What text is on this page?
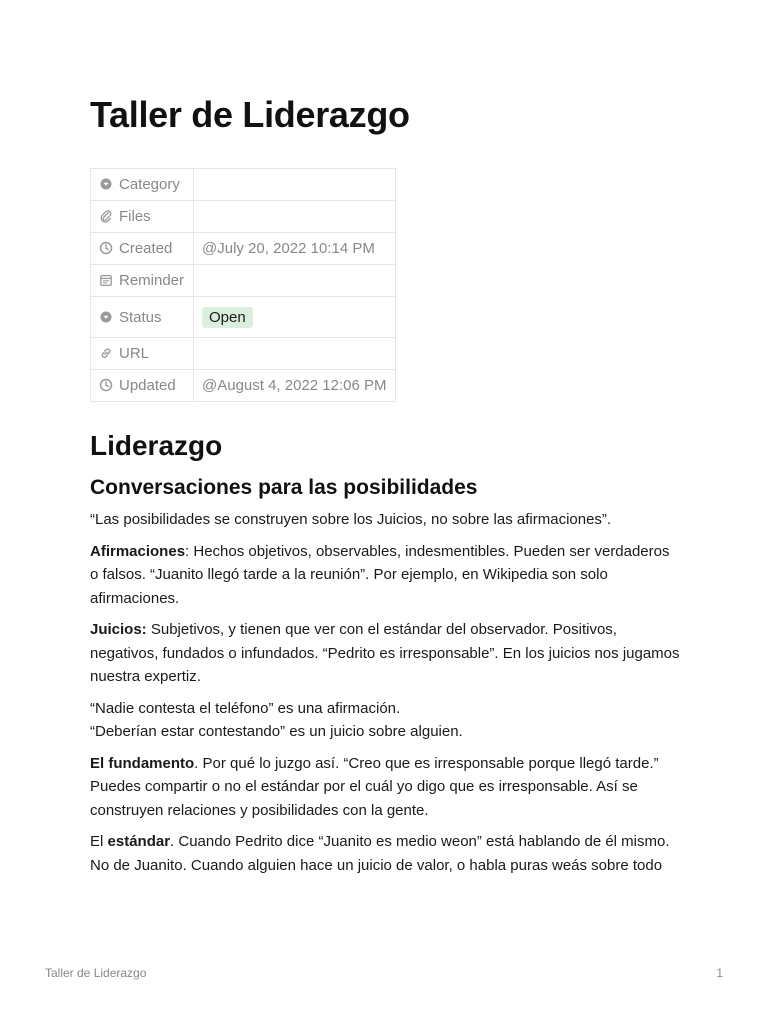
Taller de Liderazgo
Category	

Files	

Created	@July 20, 2022 10:14 PM

Reminder	

Status	Open

URL	

Updated	@August 4, 2022 12:06 PM
Liderazgo
Conversaciones para las posibilidades

“Las posibilidades se construyen sobre los Juicios, no sobre las afirmaciones”.

Afirmaciones: Hechos objetivos, observables, indesmentibles. Pueden ser verdaderos o falsos. “Juanito llegó tarde a la reunión”. Por ejemplo, en Wikipedia son solo afirmaciones.

Juicios: Subjetivos, y tienen que ver con el estándar del observador. Positivos, negativos, fundados o infundados. “Pedrito es irresponsable”. En los juicios nos jugamos nuestra expertiz.

“Nadie contesta el teléfono” es una afirmación.
“Deberían estar contestando” es un juicio sobre alguien.

El fundamento. Por qué lo juzgo así. “Creo que es irresponsable porque llegó tarde.” Puedes compartir o no el estándar por el cuál yo digo que es irresponsable. Así se construyen relaciones y posibilidades con la gente.

El estándar. Cuando Pedrito dice “Juanito es medio weon” está hablando de él mismo. No de Juanito. Cuando alguien hace un juicio de valor, o habla puras weás sobre todo

Taller de Liderazgo	1
